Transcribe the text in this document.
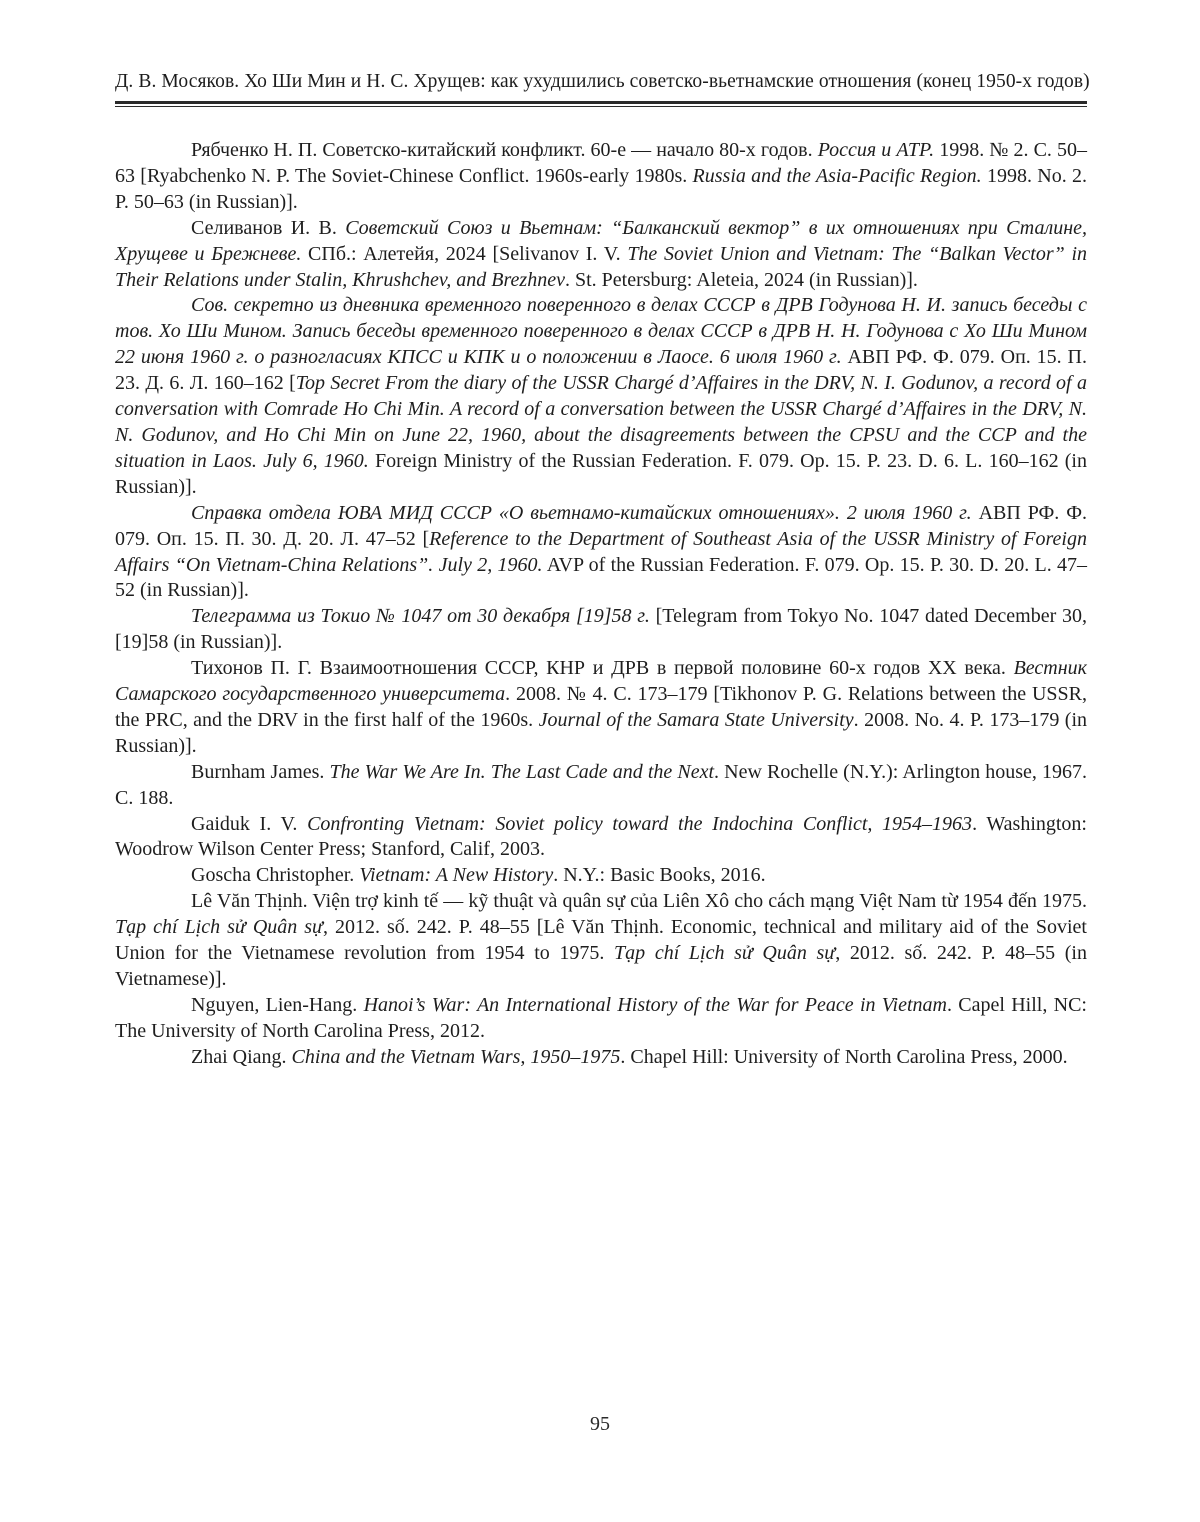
Д. В. Мосяков. Хо Ши Мин и Н. С. Хрущев: как ухудшились советско-вьетнамские отношения (конец 1950-х годов)

Рябченко Н. П. Советско-китайский конфликт. 60-е — начало 80-х годов. Россия и АТР. 1998. № 2. С. 50–63 [Ryabchenko N. P. The Soviet-Chinese Conflict. 1960s-early 1980s. Russia and the Asia-Pacific Region. 1998. No. 2. P. 50–63 (in Russian)].

Селиванов И. В. Советский Союз и Вьетнам: “Балканский вектор” в их отношениях при Сталине, Хрущеве и Брежневе. СПб.: Алетейя, 2024 [Selivanov I. V. The Soviet Union and Vietnam: The “Balkan Vector” in Their Relations under Stalin, Khrushchev, and Brezhnev. St. Petersburg: Aleteia, 2024 (in Russian)].

Сов. секретно из дневника временного поверенного в делах СССР в ДРВ Годунова Н. И. запись беседы с тов. Хо Ши Мином. Запись беседы временного поверенного в делах СССР в ДРВ Н. Н. Годунова с Хо Ши Мином 22 июня 1960 г. о разногласиях КПСС и КПК и о положении в Лаосе. 6 июля 1960 г. АВП РФ. Ф. 079. Оп. 15. П. 23. Д. 6. Л. 160–162 [Top Secret From the diary of the USSR Chargé d’Affaires in the DRV, N. I. Godunov, a record of a conversation with Comrade Ho Chi Min. A record of a conversation between the USSR Chargé d’Affaires in the DRV, N. N. Godunov, and Ho Chi Min on June 22, 1960, about the disagreements between the CPSU and the CCP and the situation in Laos. July 6, 1960. Foreign Ministry of the Russian Federation. F. 079. Op. 15. P. 23. D. 6. L. 160–162 (in Russian)].

Справка отдела ЮВА МИД СССР «О вьетнамо-китайских отношениях». 2 июля 1960 г. АВП РФ. Ф. 079. Оп. 15. П. 30. Д. 20. Л. 47–52 [Reference to the Department of Southeast Asia of the USSR Ministry of Foreign Affairs “On Vietnam-China Relations”. July 2, 1960. AVP of the Russian Federation. F. 079. Op. 15. P. 30. D. 20. L. 47–52 (in Russian)].

Телеграмма из Токио № 1047 от 30 декабря [19]58 г. [Telegram from Tokyo No. 1047 dated December 30, [19]58 (in Russian)].

Тихонов П. Г. Взаимоотношения СССР, КНР и ДРВ в первой половине 60-х годов ХХ века. Вестник Самарского государственного университета. 2008. № 4. С. 173–179 [Tikhonov P. G. Relations between the USSR, the PRC, and the DRV in the first half of the 1960s. Journal of the Samara State University. 2008. No. 4. P. 173–179 (in Russian)].

Burnham James. The War We Are In. The Last Cade and the Next. New Rochelle (N.Y.): Arlington house, 1967. С. 188.

Gaiduk I. V. Confronting Vietnam: Soviet policy toward the Indochina Conflict, 1954–1963. Washington: Woodrow Wilson Center Press; Stanford, Calif, 2003.

Goscha Christopher. Vietnam: A New History. N.Y.: Basic Books, 2016.

Lê Văn Thịnh. Viện trợ kinh tế — kỹ thuật và quân sự của Liên Xô cho cách mạng Việt Nam từ 1954 đến 1975. Tạp chí Lịch sử Quân sự, 2012. số. 242. P. 48–55 [Lê Văn Thịnh. Economic, technical and military aid of the Soviet Union for the Vietnamese revolution from 1954 to 1975. Tạp chí Lịch sử Quân sự, 2012. số. 242. P. 48–55 (in Vietnamese)].

Nguyen, Lien-Hang. Hanoi’s War: An International History of the War for Peace in Vietnam. Capel Hill, NC: The University of North Carolina Press, 2012.

Zhai Qiang. China and the Vietnam Wars, 1950–1975. Chapel Hill: University of North Carolina Press, 2000.

95
